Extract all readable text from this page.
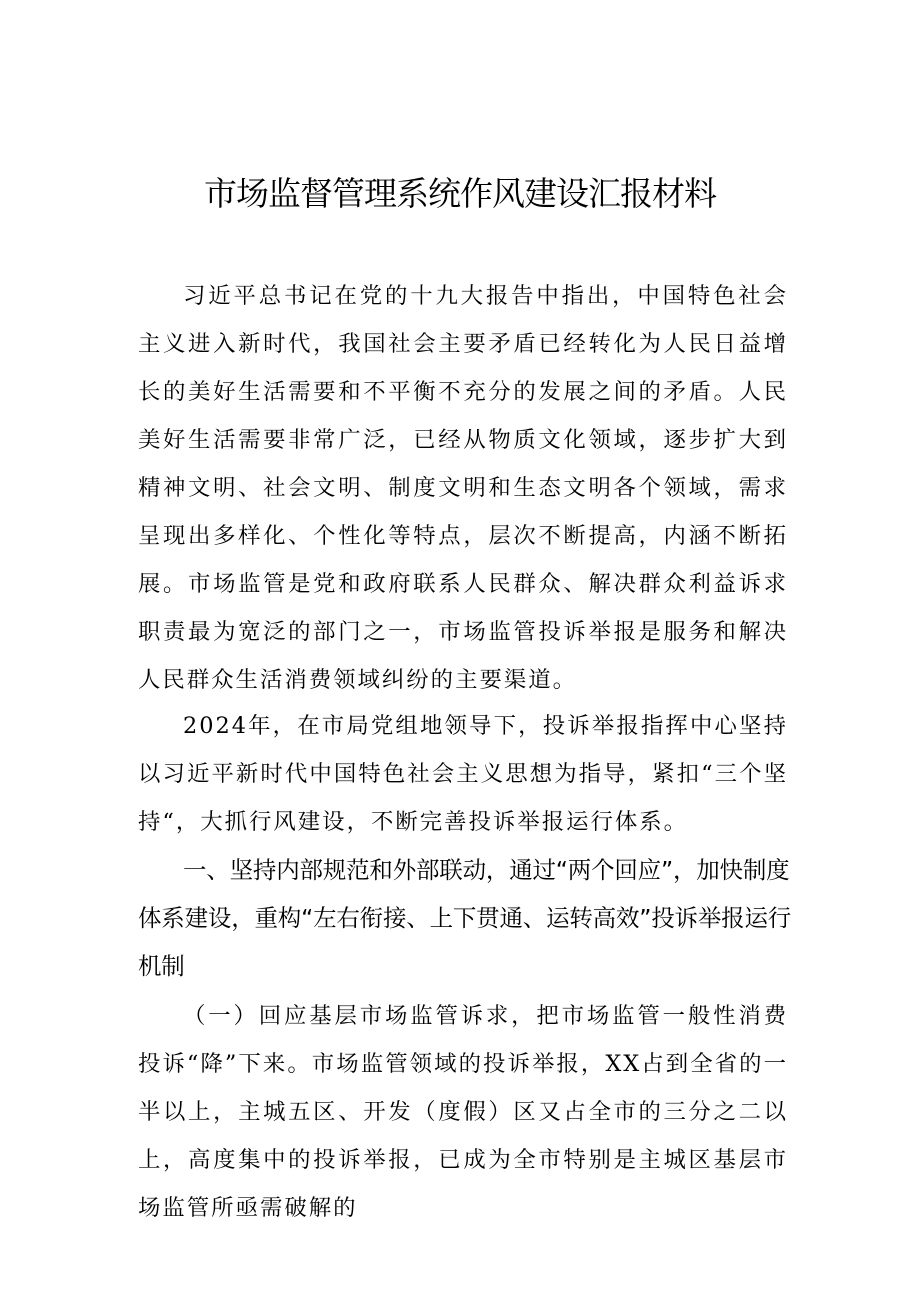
市场监督管理系统作风建设汇报材料

习近平总书记在党的十九大报告中指出，中国特色社会主义进入新时代，我国社会主要矛盾已经转化为人民日益增长的美好生活需要和不平衡不充分的发展之间的矛盾。人民美好生活需要非常广泛，已经从物质文化领域，逐步扩大到精神文明、社会文明、制度文明和生态文明各个领域，需求呈现出多样化、个性化等特点，层次不断提高，内涵不断拓展。市场监管是党和政府联系人民群众、解决群众利益诉求职责最为宽泛的部门之一，市场监管投诉举报是服务和解决人民群众生活消费领域纠纷的主要渠道。

2024年，在市局党组地领导下，投诉举报指挥中心坚持以习近平新时代中国特色社会主义思想为指导，紧扣“三个坚持“，大抓行风建设，不断完善投诉举报运行体系。

一、坚持内部规范和外部联动，通过“两个回应”，加快制度体系建设，重构“左右衔接、上下贯通、运转高效”投诉举报运行机制

（一）回应基层市场监管诉求，把市场监管一般性消费投诉“降”下来。市场监管领域的投诉举报，XX占到全省的一半以上，主城五区、开发（度假）区又占全市的三分之二以上，高度集中的投诉举报，已成为全市特别是主城区基层市场监管所亟需破解的
